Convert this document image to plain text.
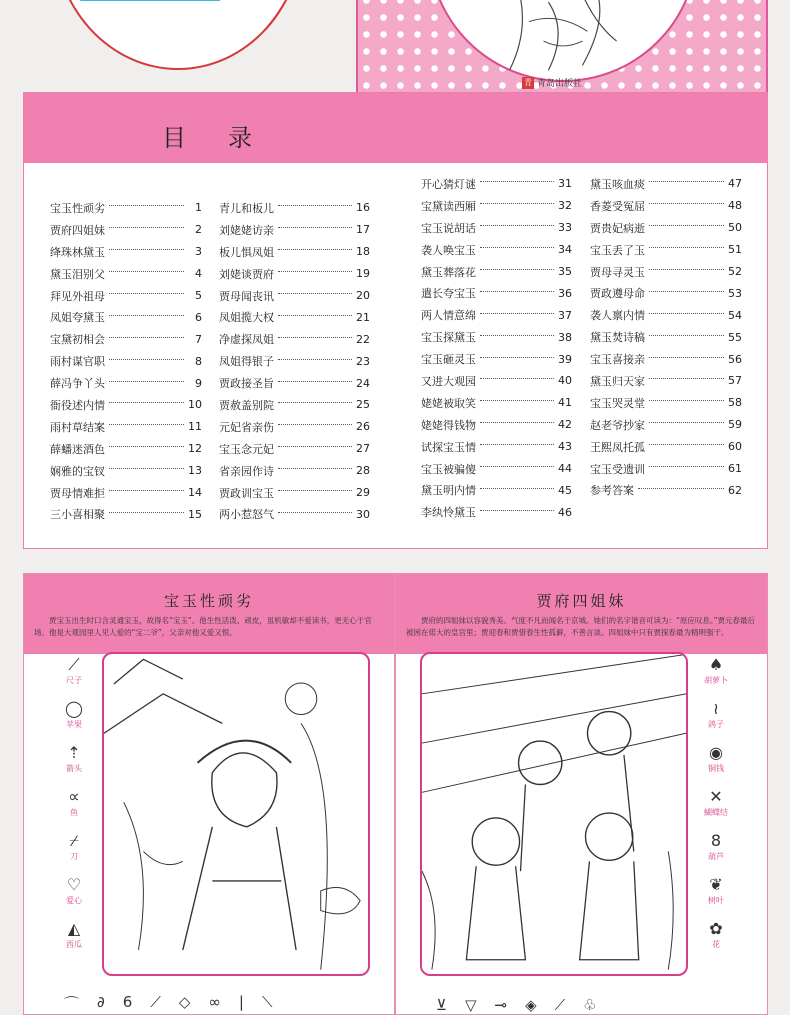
青 青岛出版社
目录
宝玉性顽劣	1
贾府四姐妹	2
绛珠林黛玉	3
黛玉泪别父	4
拜见外祖母	5
凤姐夸黛玉	6
宝黛初相会	7
雨村谋官职	8
薛冯争丫头	9
衙役述内情	10
雨村草结案	11
薛蟠迷酒色	12
娴雅的宝钗	13
贾母情难拒	14
三小喜相聚	15
青儿和板儿	16
刘姥姥访亲	17
板儿惧凤姐	18
刘姥谈贾府	19
贾母闻丧讯	20
凤姐揽大权	21
净虚探凤姐	22
凤姐得银子	23
贾政接圣旨	24
贾赦盖别院	25
元妃省亲伤	26
宝玉念元妃	27
省亲园作诗	28
贾政训宝玉	29
两小惹怒气	30
开心猜灯谜	31
宝黛读西厢	32
宝玉说胡话	33
袭人唤宝玉	34
黛玉葬落花	35
遣长夸宝玉	36
两人情意绵	37
宝玉探黛玉	38
宝玉砸灵玉	39
又进大观园	40
姥姥被取笑	41
姥姥得钱物	42
试探宝玉情	43
宝玉被骗傻	44
黛玉明内情	45
李纨怜黛玉	46
黛玉咳血痰	47
香菱受冤屈	48
贾贵妃病逝	50
宝玉丢了玉	51
贾母寻灵玉	52
贾政遵母命	53
袭人禀内情	54
黛玉焚诗稿	55
宝玉喜接亲	56
黛玉归天家	57
宝玉哭灵堂	58
赵老爷抄家	59
王熙凤托孤	60
宝玉受遗训	61
参考答案	62
宝玉性顽劣

贾宝玉出生时口含灵通宝玉，故得名“宝玉”。他生性活泼、顽皮，虽机敏却不爱读书，更无心于官场。他是大观园里人见人爱的“宝二爷”，父亲对他又爱又恨。

⟋
尺子
◯
苹果
⇡
箭头
∝
鱼
⌿
刀
♡
爱心
◭
西瓜
⌒ ∂ 6 ⟋ ◇ ∞ | ⟍
贾府四姐妹

贾府的四姐妹以容貌秀美、气度不凡而闻名于京城。她们的名字谐音可读为：“原应叹息。”贾元春最后被困在偌大的皇宫里；贾迎春和贾惜春生性孤僻，不善言谈。四姐妹中只有贾探春最为精明强干。

♠
胡萝卜
≀
鸽子
◉
铜钱
✕
蝴蝶结
8
葫芦
❦
树叶
✿
花
⊻ ▽ ⊸ ◈ ⟋ ♧
